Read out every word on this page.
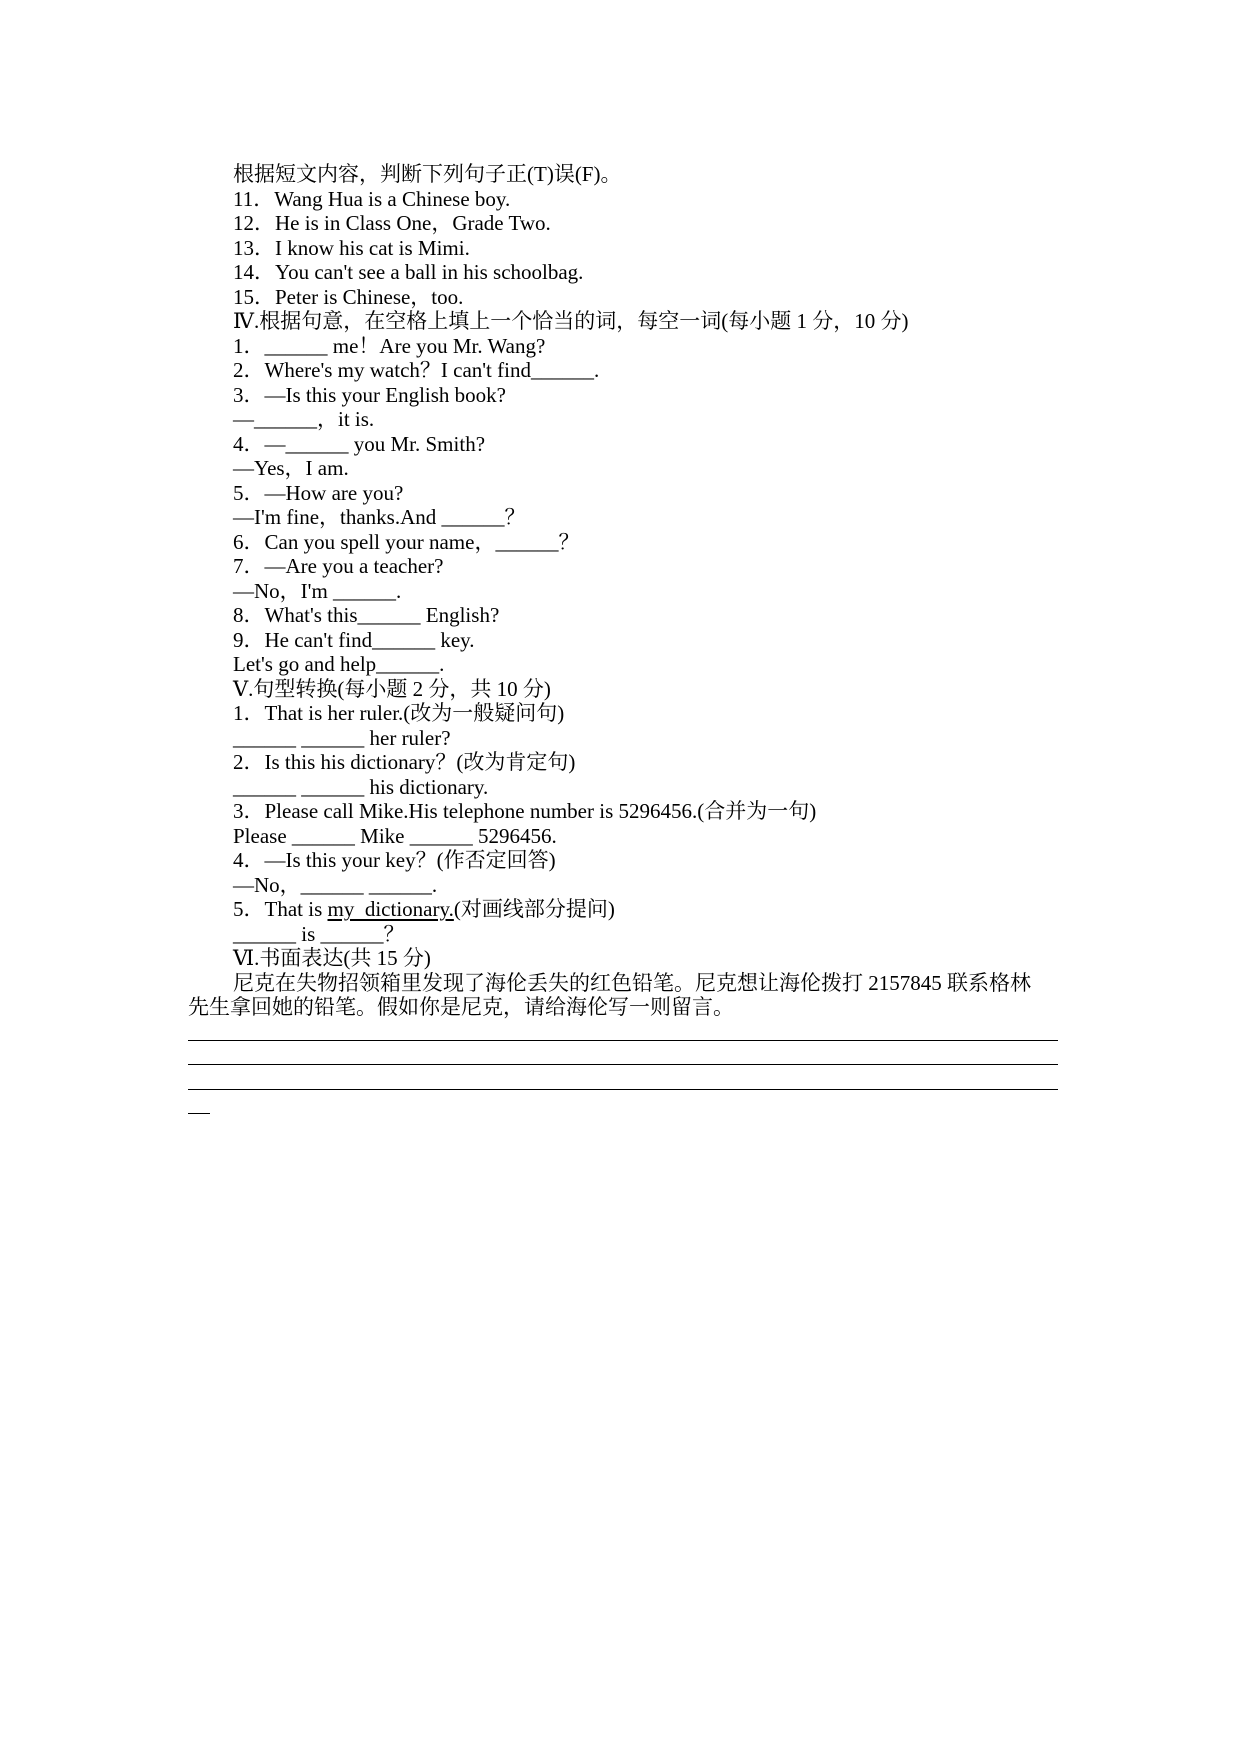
根据短文内容，判断下列句子正(T)误(F)。
11．Wang Hua is a Chinese boy.
12．He is in Class One，Grade Two.
13．I know his cat is Mimi.
14．You can't see a ball in his schoolbag.
15．Peter is Chinese，too.
Ⅳ.根据句意，在空格上填上一个恰当的词，每空一词(每小题 1 分，10 分)
1．______ me！Are you Mr. Wang?
2．Where's my watch？I can't find______.
3．—Is this your English book?
—______，it is.
4．—______ you Mr. Smith?
—Yes，I am.
5．—How are you?
—I'm fine，thanks.And ______？
6．Can you spell your name，______？
7．—Are you a teacher?
—No，I'm ______.
8．What's this______ English?
9．He can't find______ key.
Let's go and help______.
Ⅴ.句型转换(每小题 2 分，共 10 分)
1．That is her ruler.(改为一般疑问句)
______ ______ her ruler?
2．Is this his dictionary？(改为肯定句)
______ ______ his dictionary.
3．Please call Mike.His telephone number is 5296456.(合并为一句)
Please ______ Mike ______ 5296456.
4．—Is this your key？(作否定回答)
—No，______ ______.
5．That is my  dictionary.(对画线部分提问)
______ is ______？
Ⅵ.书面表达(共 15 分)
尼克在失物招领箱里发现了海伦丢失的红色铅笔。尼克想让海伦拨打 2157845 联系格林
先生拿回她的铅笔。假如你是尼克，请给海伦写一则留言。
